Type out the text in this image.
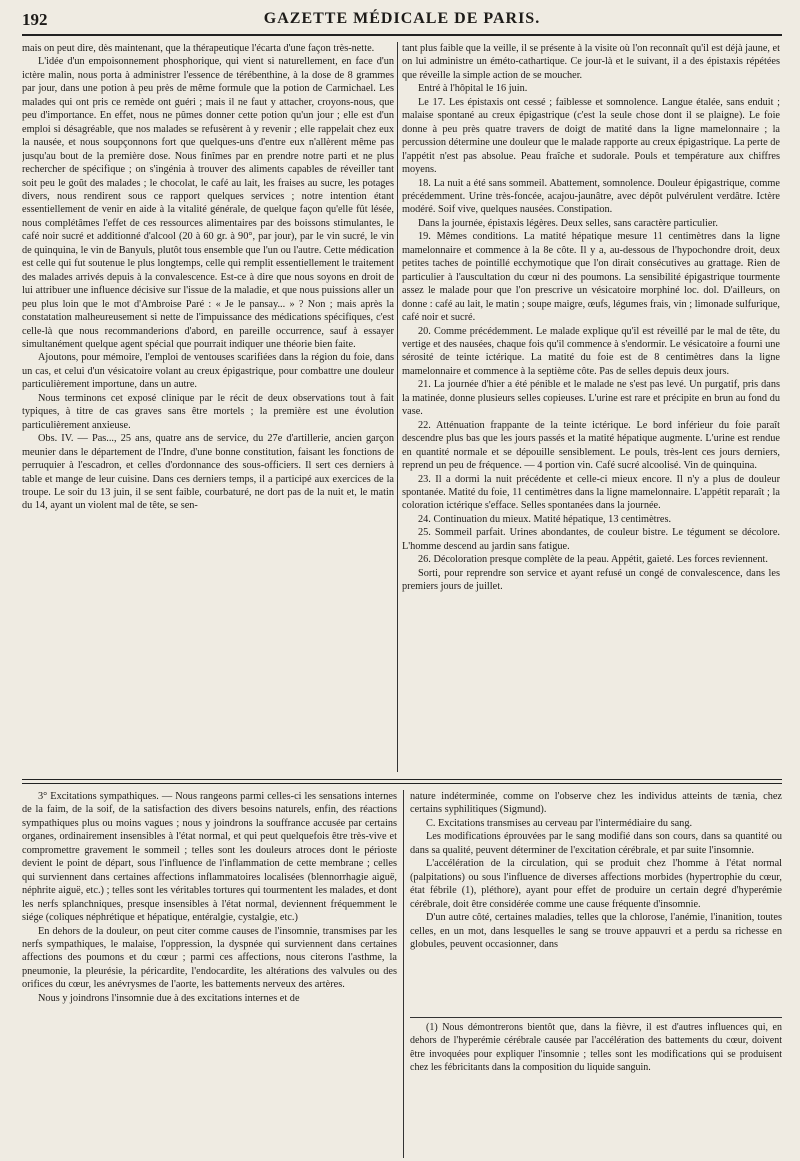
192	GAZETTE MÉDICALE DE PARIS.

mais on peut dire, dès maintenant, que la thérapeutique l'écarta d'une façon très-nette.

L'idée d'un empoisonnement phosphorique, qui vient si naturellement, en face d'un ictère malin, nous porta à administrer l'essence de térébenthine, à la dose de 8 grammes par jour, dans une potion à peu près de même formule que la potion de Carmichael. Les malades qui ont pris ce remède ont guéri ; mais il ne faut y attacher, croyons-nous, que peu d'importance. En effet, nous ne pûmes donner cette potion qu'un jour ; elle est d'un emploi si désagréable, que nos malades se refusèrent à y revenir ; elle rappelait chez eux la nausée, et nous soupçonnons fort que quelques-uns d'entre eux n'allèrent même pas jusqu'au bout de la première dose. Nous finîmes par en prendre notre parti et ne plus rechercher de spécifique ; on s'ingénia à trouver des aliments capables de réveiller tant soit peu le goût des malades ; le chocolat, le café au lait, les fraises au sucre, les potages divers, nous rendirent sous ce rapport quelques services ; notre intention étant essentiellement de venir en aide à la vitalité générale, de quelque façon qu'elle fût lésée, nous complétâmes l'effet de ces ressources alimentaires par des boissons stimulantes, le café noir sucré et additionné d'alcool (20 à 60 gr. à 90°, par jour), par le vin sucré, le vin de quinquina, le vin de Banyuls, plutôt tous ensemble que l'un ou l'autre. Cette médication est celle qui fut soutenue le plus longtemps, celle qui remplit essentiellement le traitement des malades arrivés depuis à la convalescence. Est-ce à dire que nous soyons en droit de lui attribuer une influence décisive sur l'issue de la maladie, et que nous puissions aller un peu plus loin que le mot d'Ambroise Paré : « Je le pansay... » ? Non ; mais après la constatation malheureusement si nette de l'impuissance des médications spécifiques, c'est celle-là que nous recommanderions d'abord, en pareille occurrence, sauf à essayer simultanément quelque agent spécial que pourrait indiquer une théorie bien faite.

Ajoutons, pour mémoire, l'emploi de ventouses scarifiées dans la région du foie, dans un cas, et celui d'un vésicatoire volant au creux épigastrique, pour combattre une douleur particulièrement importune, dans un autre.

Nous terminons cet exposé clinique par le récit de deux observations tout à fait typiques, à titre de cas graves sans être mortels ; la première est une évolution particulièrement anxieuse.

Obs. IV. — Pas..., 25 ans, quatre ans de service, du 27e d'artillerie, ancien garçon meunier dans le département de l'Indre, d'une bonne constitution, faisant les fonctions de perruquier à l'escadron, et celles d'ordonnance des sous-officiers. Il sert ces derniers à table et mange de leur cuisine. Dans ces derniers temps, il a participé aux exercices de la troupe. Le soir du 13 juin, il se sent faible, courbaturé, ne dort pas de la nuit et, le matin du 14, ayant un violent mal de tête, se sen-

tant plus faible que la veille, il se présente à la visite où l'on reconnaît qu'il est déjà jaune, et on lui administre un éméto-cathartique. Ce jour-là et le suivant, il a des épistaxis répétées que réveille la simple action de se moucher.

Entré à l'hôpital le 16 juin.

Le 17. Les épistaxis ont cessé ; faiblesse et somnolence. Langue étalée, sans enduit ; malaise spontané au creux épigastrique (c'est la seule chose dont il se plaigne). Le foie donne à peu près quatre travers de doigt de matité dans la ligne mamelonnaire ; la percussion détermine une douleur que le malade rapporte au creux épigastrique. La perte de l'appétit n'est pas absolue. Peau fraîche et sudorale. Pouls et température aux chiffres moyens.

18. La nuit a été sans sommeil. Abattement, somnolence. Douleur épigastrique, comme précédemment. Urine très-foncée, acajou-jaunâtre, avec dépôt pulvérulent verdâtre. Ictère modéré. Soif vive, quelques nausées. Constipation.

Dans la journée, épistaxis légères. Deux selles, sans caractère particulier.

19. Mêmes conditions. La matité hépatique mesure 11 centimètres dans la ligne mamelonnaire et commence à la 8e côte. Il y a, au-dessous de l'hypochondre droit, deux petites taches de pointillé ecchymotique que l'on dirait consécutives au grattage. Rien de particulier à l'auscultation du cœur ni des poumons. La sensibilité épigastrique tourmente assez le malade pour que l'on prescrive un vésicatoire morphiné loc. dol. D'ailleurs, on donne : café au lait, le matin ; soupe maigre, œufs, légumes frais, vin ; limonade sulfurique, café noir et sucré.

20. Comme précédemment. Le malade explique qu'il est réveillé par le mal de tête, du vertige et des nausées, chaque fois qu'il commence à s'endormir. Le vésicatoire a fourni une sérosité de teinte ictérique. La matité du foie est de 8 centimètres dans la ligne mamelonnaire et commence à la septième côte. Pas de selles depuis deux jours.

21. La journée d'hier a été pénible et le malade ne s'est pas levé. Un purgatif, pris dans la matinée, donne plusieurs selles copieuses. L'urine est rare et précipite en brun au fond du vase.

22. Atténuation frappante de la teinte ictérique. Le bord inférieur du foie paraît descendre plus bas que les jours passés et la matité hépatique augmente. L'urine est rendue en quantité normale et se dépouille sensiblement. Le pouls, très-lent ces jours derniers, reprend un peu de fréquence. — 4 portion vin. Café sucré alcoolisé. Vin de quinquina.

23. Il a dormi la nuit précédente et celle-ci mieux encore. Il n'y a plus de douleur spontanée. Matité du foie, 11 centimètres dans la ligne mamelonnaire. L'appétit reparaît ; la coloration ictérique s'efface. Selles spontanées dans la journée.

24. Continuation du mieux. Matité hépatique, 13 centimètres.

25. Sommeil parfait. Urines abondantes, de couleur bistre. Le tégument se décolore. L'homme descend au jardin sans fatigue.

26. Décoloration presque complète de la peau. Appétit, gaieté. Les forces reviennent.

Sorti, pour reprendre son service et ayant refusé un congé de convalescence, dans les premiers jours de juillet.

3° Excitations sympathiques. — Nous rangeons parmi celles-ci les sensations internes de la faim, de la soif, de la satisfaction des divers besoins naturels, enfin, des réactions sympathiques plus ou moins vagues ; nous y joindrons la souffrance accusée par certains organes, ordinairement insensibles à l'état normal, et qui peut quelquefois être très-vive et compromettre gravement le sommeil ; telles sont les douleurs atroces dont le périoste devient le point de départ, sous l'influence de l'inflammation de cette membrane ; celles qui surviennent dans certaines affections inflammatoires localisées (blennorrhagie aiguë, néphrite aiguë, etc.) ; telles sont les véritables tortures qui tourmentent les malades, et dont les nerfs splanchniques, presque insensibles à l'état normal, deviennent fréquemment le siége (coliques néphrétique et hépatique, entéralgie, cystalgie, etc.)

En dehors de la douleur, on peut citer comme causes de l'insomnie, transmises par les nerfs sympathiques, le malaise, l'oppression, la dyspnée qui surviennent dans certaines affections des poumons et du cœur ; parmi ces affections, nous citerons l'asthme, la pneumonie, la pleurésie, la péricardite, l'endocardite, les altérations des valvules ou des orifices du cœur, les anévrysmes de l'aorte, les battements nerveux des artères.

Nous y joindrons l'insomnie due à des excitations internes et de

nature indéterminée, comme on l'observe chez les individus atteints de tænia, chez certains syphilitiques (Sigmund).

C. Excitations transmises au cerveau par l'intermédiaire du sang.

Les modifications éprouvées par le sang modifié dans son cours, dans sa quantité ou dans sa qualité, peuvent déterminer de l'excitation cérébrale, et par suite l'insomnie.

L'accélération de la circulation, qui se produit chez l'homme à l'état normal (palpitations) ou sous l'influence de diverses affections morbides (hypertrophie du cœur, état fébrile (1), pléthore), ayant pour effet de produire un certain degré d'hyperémie cérébrale, doit être considérée comme une cause fréquente d'insomnie.

D'un autre côté, certaines maladies, telles que la chlorose, l'anémie, l'inanition, toutes celles, en un mot, dans lesquelles le sang se trouve appauvri et a perdu sa richesse en globules, peuvent occasionner, dans

(1) Nous démontrerons bientôt que, dans la fièvre, il est d'autres influences qui, en dehors de l'hyperémie cérébrale causée par l'accélération des battements du cœur, doivent être invoquées pour expliquer l'insomnie ; telles sont les modifications qui se produisent chez les fébricitants dans la composition du liquide sanguin.
